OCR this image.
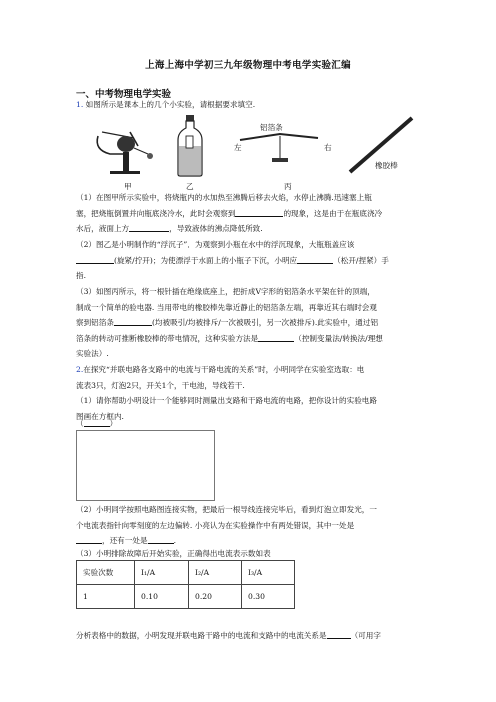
上海上海中学初三九年级物理中考电学实验汇编
一、中考物理电学实验
1. 如图所示是课本上的几个小实验，请根据要求填空.
甲	乙
左	右
铝箔条
橡胶棒
丙
（1）在图甲所示实验中，将烧瓶内的水加热至沸腾后移去火焰，水停止沸腾.迅速塞上瓶
塞，把烧瓶倒置并向瓶底浇冷水，此时会观察到	的现象，这是由于在瓶底浇冷
水后，液面上方	，导致液体的沸点降低所致.
（2）图乙是小明制作的“浮沉子”．为观察到小瓶在水中的浮沉现象，大瓶瓶盖应该
(旋紧/拧开)；为使漂浮于水面上的小瓶子下沉，小明应	（松开/捏紧）手
指.
（3）如图丙所示，将一根针插在绝缘底座上，把折成V字形的铝箔条水平架在针的顶端，
制成一个简单的验电器. 当用带电的橡胶棒先靠近静止的铝箔条左端，再靠近其右端时会观
察到铝箔条	(均被吸引/均被排斥/一次被吸引，另一次被排斥).此实验中，通过铝
箔条的转动可推断橡胶棒的带电情况，这种实验方法是	（控制变量法/转换法/理想
实验法）.
2.在探究“并联电路各支路中的电流与干路电流的关系”时，小明同学在实验室选取：电
流表3只，灯泡2只，开关1个，干电池，导线若干.
（1）请你帮助小明设计一个能够同时测量出支路和干路电流的电路，把你设计的实验电路
图画在方框内.
（	）
（2）小明同学按照电路图连接实物，把最后一根导线连接完毕后，看到灯泡立即发光，一
个电流表指针向零刻度的左边偏转. 小亮认为在实验操作中有两处错误，其中一处是
，还有一处是	.
（3）小明排除故障后开始实验，正确得出电流表示数如表
实验次数	I₁/A	I₂/A	I₃/A
1	0.10	0.20	0.30
分析表格中的数据，小明发现并联电路干路中的电流和支路中的电流关系是	（可用字
